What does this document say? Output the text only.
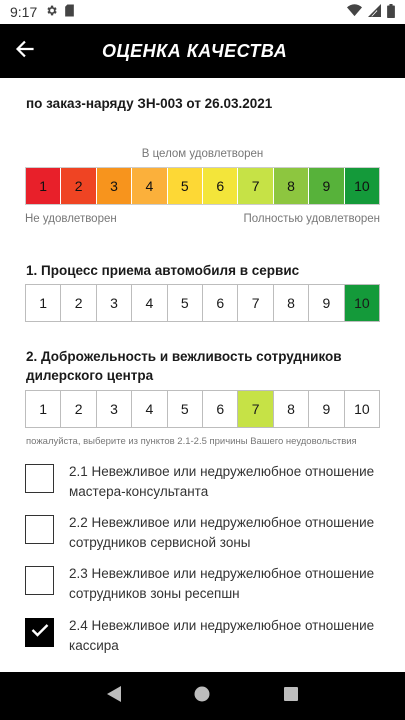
9:17
ОЦЕНКА КАЧЕСТВА
по заказ-наряду ЗН-003 от 26.03.2021
В целом удовлетворен
1	2	3	4	5	6	7	8	9	10
Не удовлетворен	Полностью удовлетворен
1. Процесс приема автомобиля в сервис
1	2	3	4	5	6	7	8	9	10
2. Доброжельность и вежливость сотрудников дилерского центра
1	2	3	4	5	6	7	8	9	10
пожалуйста, выберите из пунктов 2.1-2.5 причины Вашего неудовольствия
2.1 Невежливое или недружелюбное отношение мастера-консультанта
2.2 Невежливое или недружелюбное отношение сотрудников сервисной зоны
2.3 Невежливое или недружелюбное отношение сотрудников зоны ресепшн
2.4 Невежливое или недружелюбное отношение кассира
